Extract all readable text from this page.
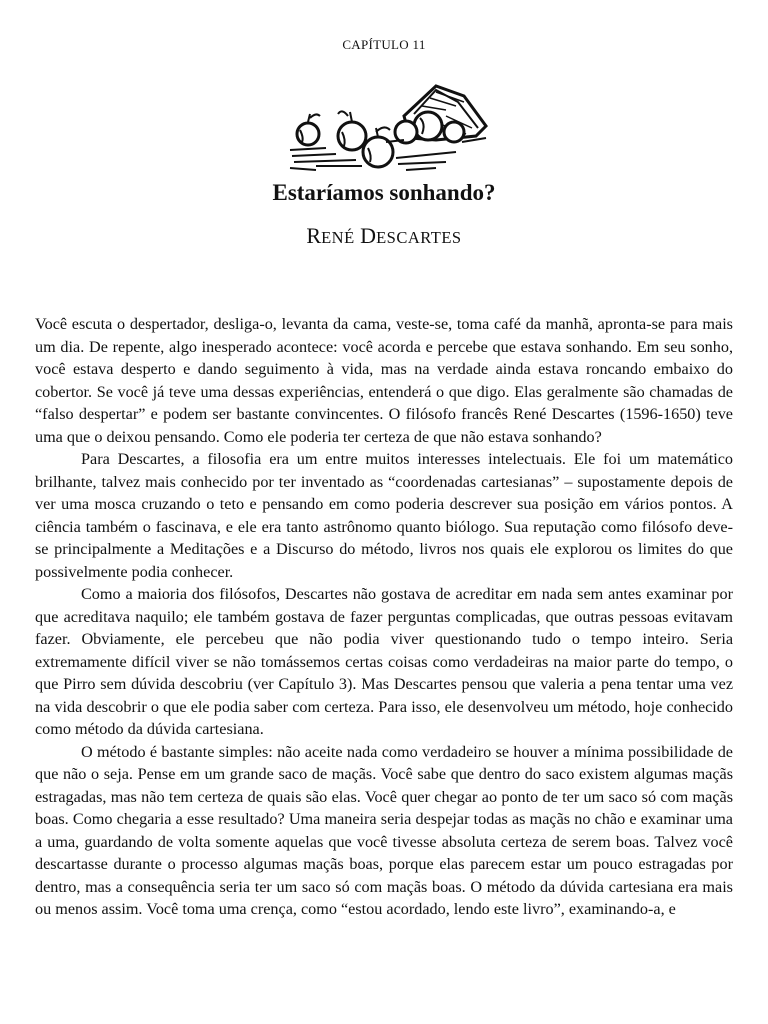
CAPÍTULO 11
Estaríamos sonhando?
RENÉ DESCARTES

Você escuta o despertador, desliga-o, levanta da cama, veste-se, toma café da manhã, apronta-se para mais um dia. De repente, algo inesperado acontece: você acorda e percebe que estava sonhando. Em seu sonho, você estava desperto e dando seguimento à vida, mas na verdade ainda estava roncando embaixo do cobertor. Se você já teve uma dessas experiências, entenderá o que digo. Elas geralmente são chamadas de “falso despertar” e podem ser bastante convincentes. O filósofo francês René Descartes (1596-1650) teve uma que o deixou pensando. Como ele poderia ter certeza de que não estava sonhando?

Para Descartes, a filosofia era um entre muitos interesses intelectuais. Ele foi um matemático brilhante, talvez mais conhecido por ter inventado as “coordenadas cartesianas” – supostamente depois de ver uma mosca cruzando o teto e pensando em como poderia descrever sua posição em vários pontos. A ciência também o fascinava, e ele era tanto astrônomo quanto biólogo. Sua reputação como filósofo deve-se principalmente a Meditações e a Discurso do método, livros nos quais ele explorou os limites do que possivelmente podia conhecer.

Como a maioria dos filósofos, Descartes não gostava de acreditar em nada sem antes examinar por que acreditava naquilo; ele também gostava de fazer perguntas complicadas, que outras pessoas evitavam fazer. Obviamente, ele percebeu que não podia viver questionando tudo o tempo inteiro. Seria extremamente difícil viver se não tomássemos certas coisas como verdadeiras na maior parte do tempo, o que Pirro sem dúvida descobriu (ver Capítulo 3). Mas Descartes pensou que valeria a pena tentar uma vez na vida descobrir o que ele podia saber com certeza. Para isso, ele desenvolveu um método, hoje conhecido como método da dúvida cartesiana.

O método é bastante simples: não aceite nada como verdadeiro se houver a mínima possibilidade de que não o seja. Pense em um grande saco de maçãs. Você sabe que dentro do saco existem algumas maçãs estragadas, mas não tem certeza de quais são elas. Você quer chegar ao ponto de ter um saco só com maçãs boas. Como chegaria a esse resultado? Uma maneira seria despejar todas as maçãs no chão e examinar uma a uma, guardando de volta somente aquelas que você tivesse absoluta certeza de serem boas. Talvez você descartasse durante o processo algumas maçãs boas, porque elas parecem estar um pouco estragadas por dentro, mas a consequência seria ter um saco só com maçãs boas. O método da dúvida cartesiana era mais ou menos assim. Você toma uma crença, como “estou acordado, lendo este livro”, examinando-a, e
